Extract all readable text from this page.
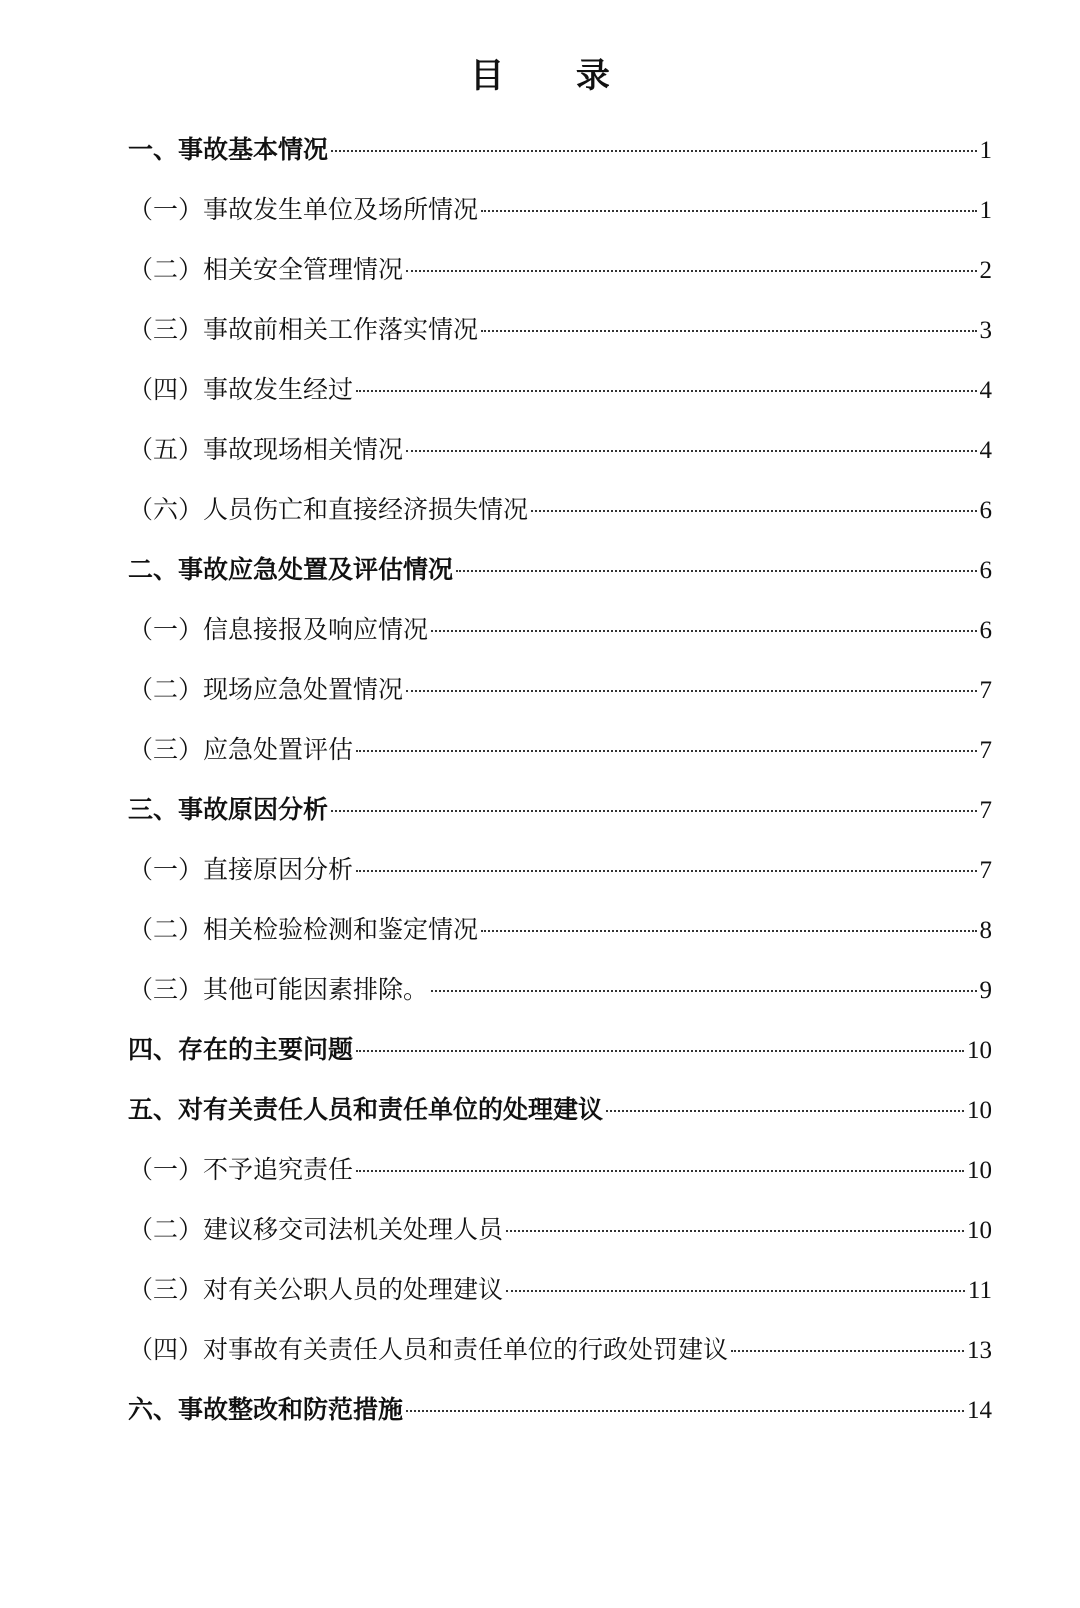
目 录
一、事故基本情况	1
（一）事故发生单位及场所情况	1
（二）相关安全管理情况	2
（三）事故前相关工作落实情况	3
（四）事故发生经过	4
（五）事故现场相关情况	4
（六）人员伤亡和直接经济损失情况	6
二、事故应急处置及评估情况	6
（一）信息接报及响应情况	6
（二）现场应急处置情况	7
（三）应急处置评估	7
三、事故原因分析	7
（一）直接原因分析	7
（二）相关检验检测和鉴定情况	8
（三）其他可能因素排除。	9
四、存在的主要问题	10
五、对有关责任人员和责任单位的处理建议	10
（一）不予追究责任	10
（二）建议移交司法机关处理人员	10
（三）对有关公职人员的处理建议	11
（四）对事故有关责任人员和责任单位的行政处罚建议	13
六、事故整改和防范措施	14
